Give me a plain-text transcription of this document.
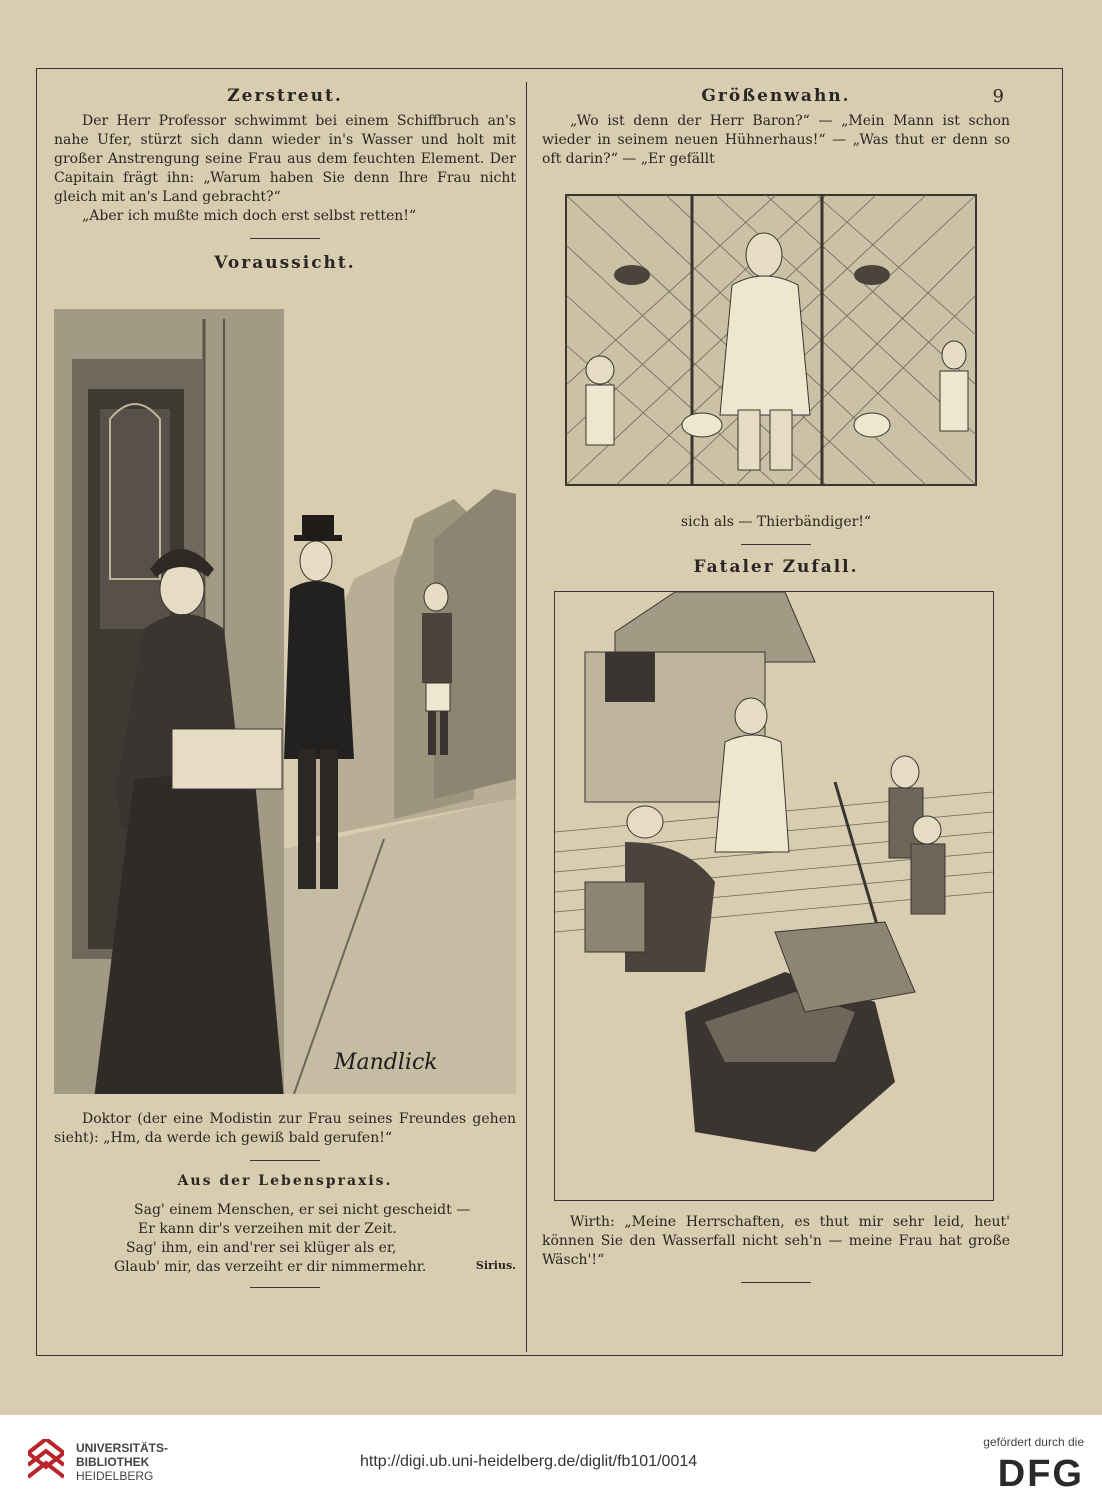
Zerstreut.

Der Herr Professor schwimmt bei einem Schiffbruch an's nahe Ufer, stürzt sich dann wieder in's Wasser und holt mit großer Anstrengung seine Frau aus dem feuchten Element. Der Capitain frägt ihn: „Warum haben Sie denn Ihre Frau nicht gleich mit an's Land gebracht?“

„Aber ich mußte mich doch erst selbst retten!“

Voraussicht.
Mandlick

Doktor (der eine Modistin zur Frau seines Freundes gehen sieht): „Hm, da werde ich gewiß bald gerufen!“

Aus der Lebenspraxis.
Sag' einem Menschen, er sei nicht gescheidt —
Er kann dir's verzeihen mit der Zeit.
Sag' ihm, ein and'rer sei klüger als er,
Glaub' mir, das verzeiht er dir nimmermehr.	Sirius.
9
Größenwahn.

„Wo ist denn der Herr Baron?“ — „Mein Mann ist schon wieder in seinem neuen Hühnerhaus!“ — „Was thut er denn so oft darin?“ — „Er gefällt

sich als — Thierbändiger!“

Fataler Zufall.

Wirth: „Meine Herrschaften, es thut mir sehr leid, heut' können Sie den Wasserfall nicht seh'n — meine Frau hat große Wäsch'!“

UNIVERSITÄTS-
BIBLIOTHEK
HEIDELBERG
http://digi.ub.uni-heidelberg.de/diglit/fb101/0014
gefördert durch die
DFG
